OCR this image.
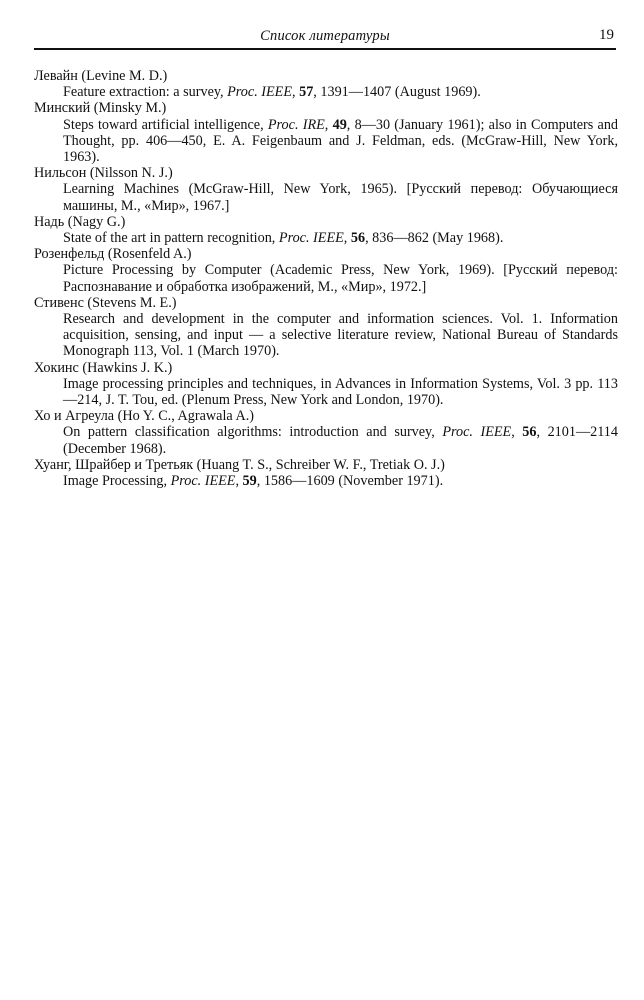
Список литературы	19

Левайн (Levine M. D.)
Feature extraction: a survey, Proc. IEEE, 57, 1391—1407 (August 1969).

Минский (Minsky M.)
Steps toward artificial intelligence, Proc. IRE, 49, 8—30 (January 1961); also in Computers and Thought, pp. 406—450, E. A. Feigenbaum and J. Feldman, eds. (McGraw-Hill, New York, 1963).

Нильсон (Nilsson N. J.)
Learning Machines (McGraw-Hill, New York, 1965). [Русский перевод: Обучающиеся машины, М., «Мир», 1967.]

Надь (Nagy G.)
State of the art in pattern recognition, Proc. IEEE, 56, 836—862 (May 1968).

Розенфельд (Rosenfeld A.)
Picture Processing by Computer (Academic Press, New York, 1969). [Русский перевод: Распознавание и обработка изображений, М., «Мир», 1972.]

Стивенс (Stevens M. E.)
Research and development in the computer and information sciences. Vol. 1. Information acquisition, sensing, and input — a selective literature review, National Bureau of Standards Monograph 113, Vol. 1 (March 1970).

Хокинс (Hawkins J. K.)
Image processing principles and techniques, in Advances in Information Systems, Vol. 3 pp. 113—214, J. T. Tou, ed. (Plenum Press, New York and London, 1970).

Хо и Агреула (Ho Y. C., Agrawala A.)
On pattern classification algorithms: introduction and survey, Proc. IEEE, 56, 2101—2114 (December 1968).

Хуанг, Шрайбер и Третьяк (Huang T. S., Schreiber W. F., Tretiak O. J.)
Image Processing, Proc. IEEE, 59, 1586—1609 (November 1971).
